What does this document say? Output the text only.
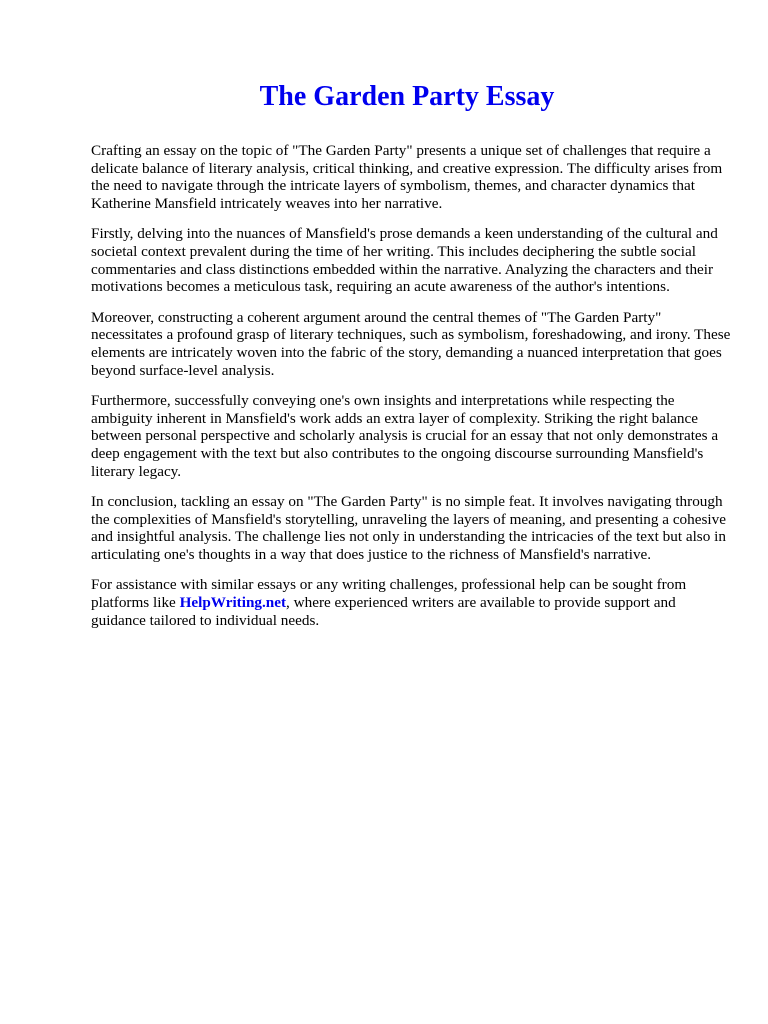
The Garden Party Essay

Crafting an essay on the topic of "The Garden Party" presents a unique set of challenges that require a delicate balance of literary analysis, critical thinking, and creative expression. The difficulty arises from the need to navigate through the intricate layers of symbolism, themes, and character dynamics that Katherine Mansfield intricately weaves into her narrative.

Firstly, delving into the nuances of Mansfield's prose demands a keen understanding of the cultural and societal context prevalent during the time of her writing. This includes deciphering the subtle social commentaries and class distinctions embedded within the narrative. Analyzing the characters and their motivations becomes a meticulous task, requiring an acute awareness of the author's intentions.

Moreover, constructing a coherent argument around the central themes of "The Garden Party" necessitates a profound grasp of literary techniques, such as symbolism, foreshadowing, and irony. These elements are intricately woven into the fabric of the story, demanding a nuanced interpretation that goes beyond surface-level analysis.

Furthermore, successfully conveying one's own insights and interpretations while respecting the ambiguity inherent in Mansfield's work adds an extra layer of complexity. Striking the right balance between personal perspective and scholarly analysis is crucial for an essay that not only demonstrates a deep engagement with the text but also contributes to the ongoing discourse surrounding Mansfield's literary legacy.

In conclusion, tackling an essay on "The Garden Party" is no simple feat. It involves navigating through the complexities of Mansfield's storytelling, unraveling the layers of meaning, and presenting a cohesive and insightful analysis. The challenge lies not only in understanding the intricacies of the text but also in articulating one's thoughts in a way that does justice to the richness of Mansfield's narrative.

For assistance with similar essays or any writing challenges, professional help can be sought from platforms like HelpWriting.net, where experienced writers are available to provide support and guidance tailored to individual needs.
